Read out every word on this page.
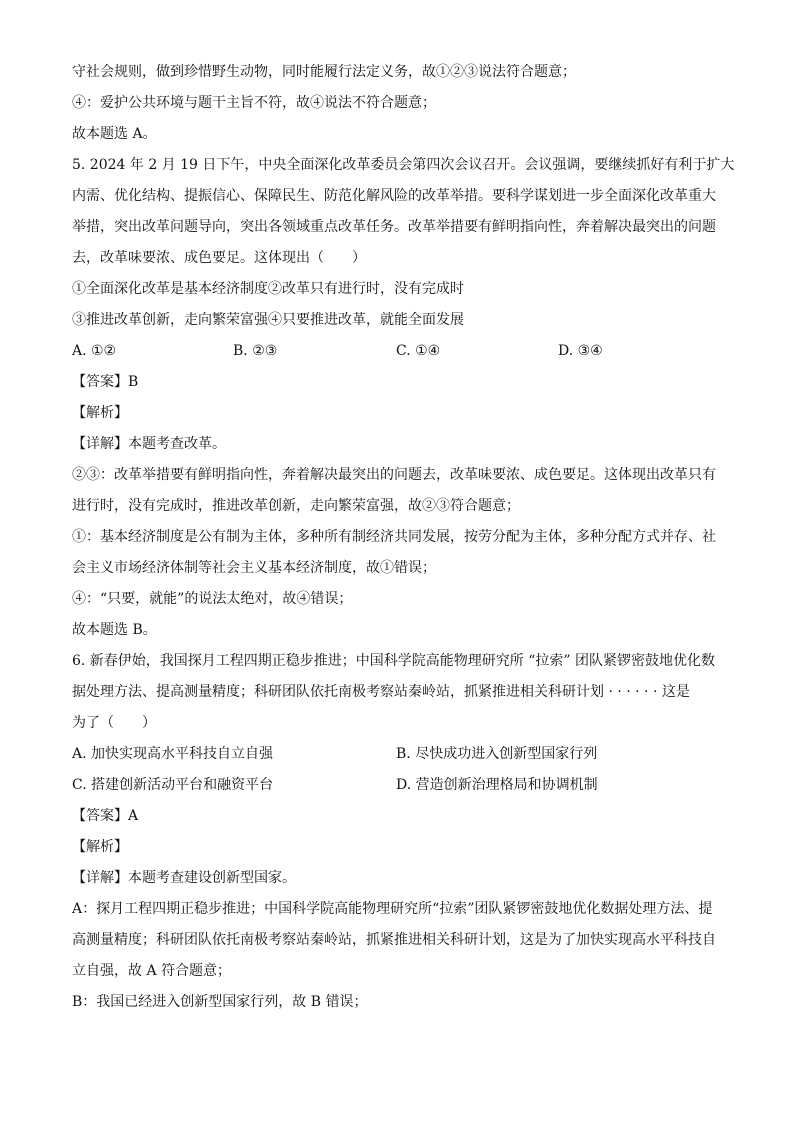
守社会规则，做到珍惜野生动物，同时能履行法定义务，故①②③说法符合题意；
④：爱护公共环境与题干主旨不符，故④说法不符合题意；
故本题选 A。
5. 2024 年 2 月 19 日下午，中央全面深化改革委员会第四次会议召开。会议强调，要继续抓好有利于扩大
内需、优化结构、提振信心、保障民生、防范化解风险的改革举措。要科学谋划进一步全面深化改革重大
举措，突出改革问题导向，突出各领域重点改革任务。改革举措要有鲜明指向性，奔着解决最突出的问题
去，改革味要浓、成色要足。这体现出（　　）
①全面深化改革是基本经济制度②改革只有进行时，没有完成时
③推进改革创新，走向繁荣富强④只要推进改革，就能全面发展
A. ①②	B. ②③	C. ①④	D. ③④
【答案】B
【解析】
【详解】本题考查改革。
②③：改革举措要有鲜明指向性，奔着解决最突出的问题去，改革味要浓、成色要足。这体现出改革只有
进行时，没有完成时，推进改革创新，走向繁荣富强，故②③符合题意；
①：基本经济制度是公有制为主体，多种所有制经济共同发展，按劳分配为主体，多种分配方式并存、社
会主义市场经济体制等社会主义基本经济制度，故①错误；
④：“只要，就能”的说法太绝对，故④错误；
故本题选 B。
6. 新春伊始，我国探月工程四期正稳步推进；中国科学院高能物理研究所 “拉索” 团队紧锣密鼓地优化数
据处理方法、提高测量精度；科研团队依托南极考察站秦岭站，抓紧推进相关科研计划 · · · · · · 这是
为了（　　）
A. 加快实现高水平科技自立自强	B. 尽快成功进入创新型国家行列
C. 搭建创新活动平台和融资平台	D. 营造创新治理格局和协调机制
【答案】A
【解析】
【详解】本题考查建设创新型国家。
A：探月工程四期正稳步推进；中国科学院高能物理研究所“拉索”团队紧锣密鼓地优化数据处理方法、提
高测量精度；科研团队依托南极考察站秦岭站，抓紧推进相关科研计划，这是为了加快实现高水平科技自
立自强，故 A 符合题意；
B：我国已经进入创新型国家行列，故 B 错误；
